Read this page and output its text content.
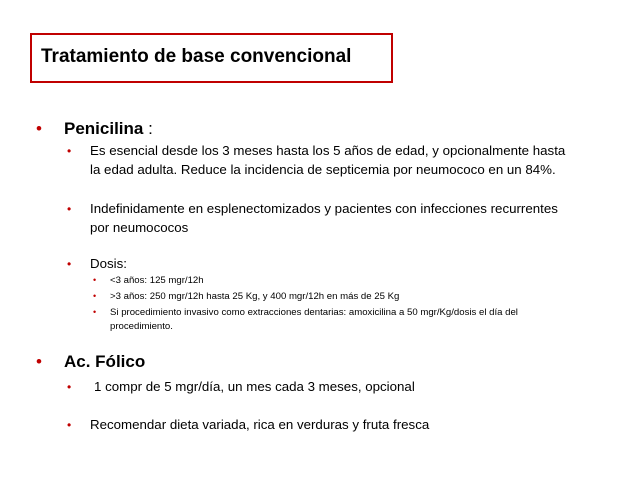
Tratamiento de base convencional
• Penicilina :
• Es esencial desde los 3 meses hasta los 5 años de edad, y opcionalmente hasta
la edad adulta. Reduce la incidencia de septicemia por neumococo en un 84%.
• Indefinidamente en esplenectomizados y pacientes con infecciones recurrentes
por neumococos
• Dosis:
• <3 años: 125 mgr/12h
• >3 años: 250 mgr/12h hasta 25 Kg, y 400 mgr/12h en más de 25 Kg
• Si procedimiento invasivo como extracciones dentarias: amoxicilina a 50 mgr/Kg/dosis el día del
procedimiento.
• Ac. Fólico
• 1 compr de 5 mgr/día, un mes cada 3 meses, opcional
• Recomendar dieta variada, rica en verduras y fruta fresca
